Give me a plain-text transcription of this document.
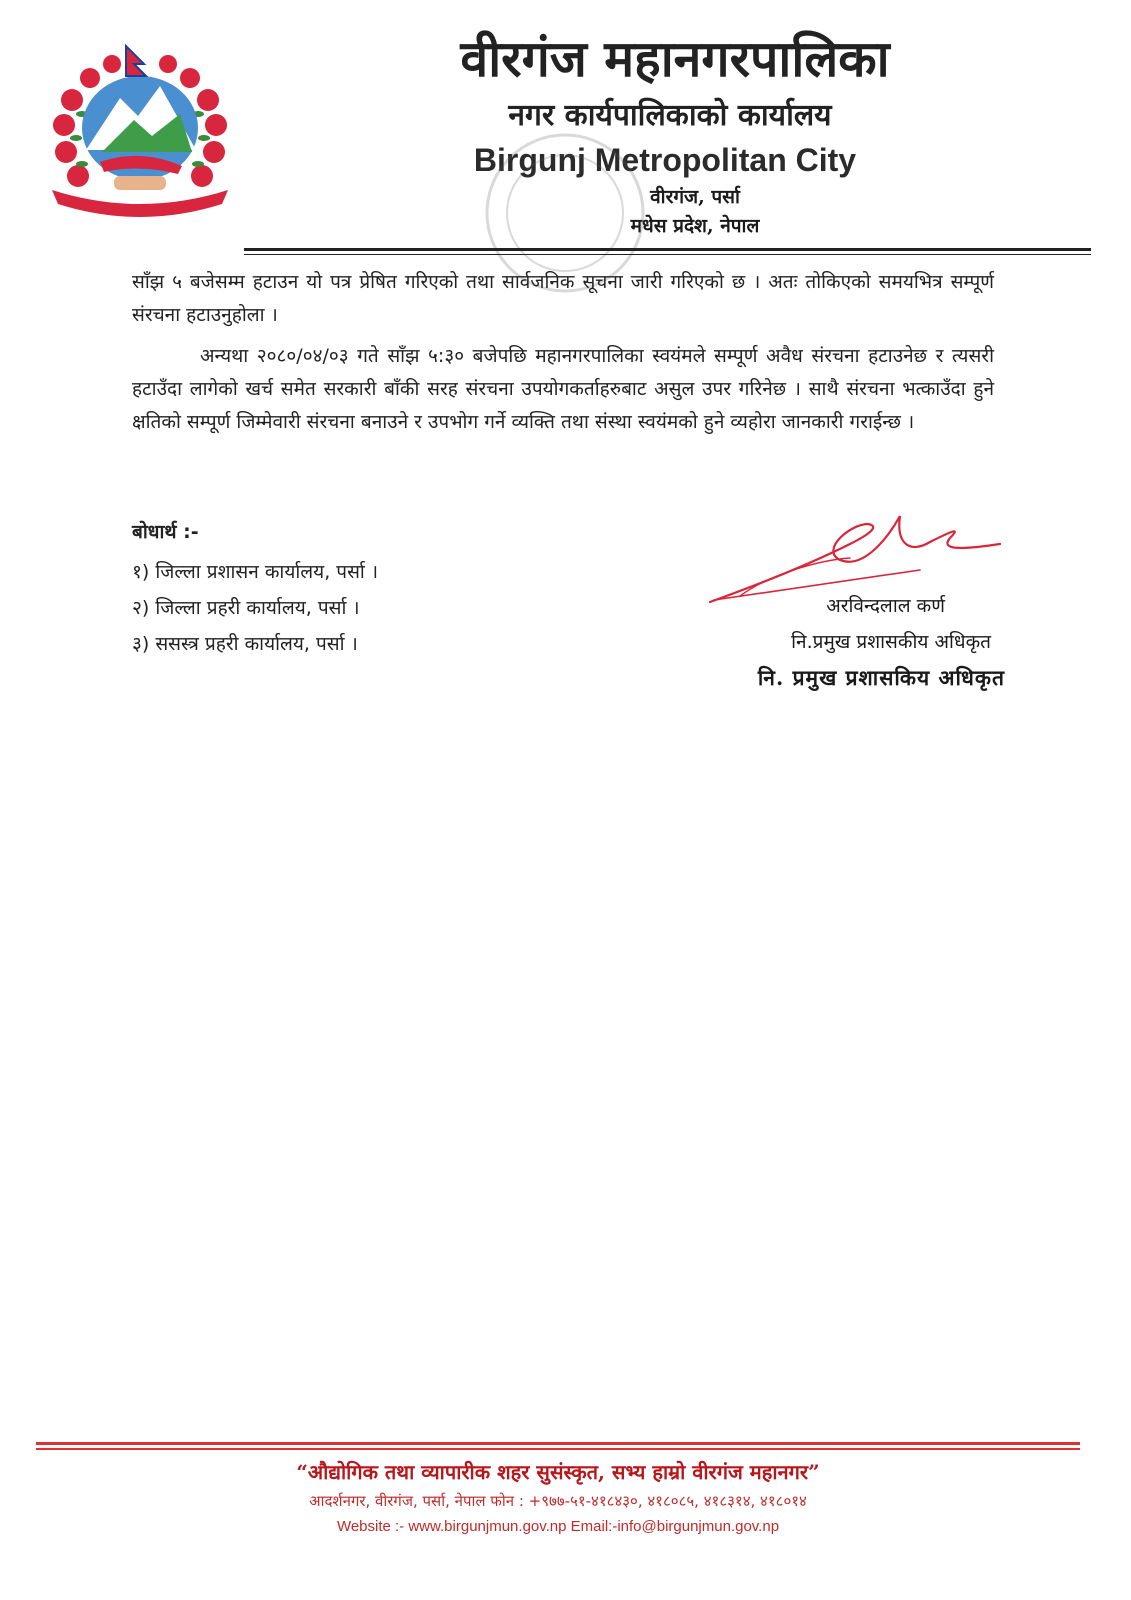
वीरगंज महानगरपालिका
नगर कार्यपालिकाको कार्यालय
Birgunj Metropolitan City
वीरगंज, पर्सा
मधेस प्रदेश, नेपाल
साँझ ५ बजेसम्म हटाउन यो पत्र प्रेषित गरिएको तथा सार्वजनिक सूचना जारी गरिएको छ । अतः तोकिएको समयभित्र सम्पूर्ण संरचना हटाउनुहोला ।
अन्यथा २०८०/०४/०३ गते साँझ ५:३० बजेपछि महानगरपालिका स्वयंमले सम्पूर्ण अवैध संरचना हटाउनेछ र त्यसरी हटाउँदा लागेको खर्च समेत सरकारी बाँकी सरह संरचना उपयोगकर्ताहरुबाट असुल उपर गरिनेछ । साथै संरचना भत्काउँदा हुने क्षतिको सम्पूर्ण जिम्मेवारी संरचना बनाउने र उपभोग गर्ने व्यक्ति तथा संस्था स्वयंमको हुने व्यहोरा जानकारी गराईन्छ ।
बोधार्थ :-
१) जिल्ला प्रशासन कार्यालय, पर्सा ।
२) जिल्ला प्रहरी कार्यालय, पर्सा ।
३) ससस्त्र प्रहरी कार्यालय, पर्सा ।
अरविन्दलाल कर्ण
नि.प्रमुख प्रशासकीय अधिकृत
नि. प्रमुख प्रशासकिय अधिकृत
“औद्योगिक तथा व्यापारीक शहर सुसंस्कृत, सभ्य हाम्रो वीरगंज महानगर”
आदर्शनगर, वीरगंज, पर्सा, नेपाल फोन : +९७७-५१-४१८४३०, ४१८०८५, ४१८३१४, ४१८०१४
Website :- www.birgunjmun.gov.np Email:-info@birgunjmun.gov.np
